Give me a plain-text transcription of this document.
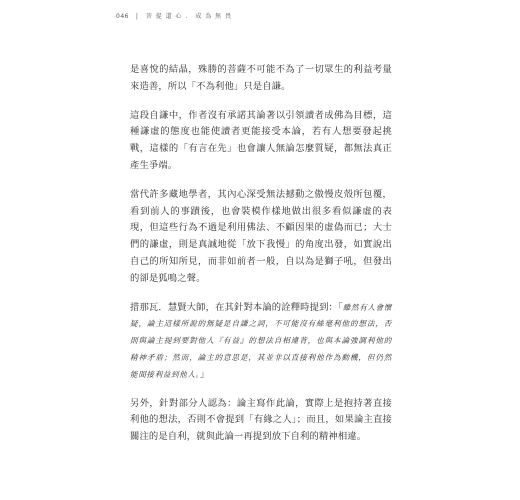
046 | 菩 提 道 心 ． 成 為 無 畏

是喜悅的結晶，殊勝的菩薩不可能不為了一切眾生的利益考量來造善，所以「不為利他」只是自謙。

這段自謙中，作者沒有承諾其論著以引領讀者成佛為目標，這種謙虛的態度也能使讀者更能接受本論，若有人想要發起挑戰，這樣的「有言在先」也會讓人無論怎麼質疑，都無法真正產生爭端。

當代許多藏地學者，其內心深受無法撼動之傲慢皮殼所包覆，看到前人的事蹟後，也會裝模作樣地做出很多看似謙虛的表現，但這些行為不過是利用佛法、不顧因果的虛偽而已；大士們的謙虛，則是真誠地從「放下我慢」的角度出發，如實說出自己的所知所見，而非如前者一般，自以為是獅子吼，但發出的卻是狐鳴之聲。

措那瓦．慧賢大師，在其針對本論的詮釋時提到：「雖然有人會懷疑，論主這樣所說的無疑是自謙之詞，不可能沒有絲毫利他的想法，否則與論主提到要對他人『有益』的想法自相違背，也與本論強調利他的精神矛盾；然而，論主的意思是，其並非以直接利他作為動機，但仍然能間接利益到他人。」

另外，針對部分人認為：論主寫作此論，實際上是抱持著直接利他的想法，否則不會提到「有緣之人」；而且，如果論主直接關注的是自利，就與此論一再提到放下自利的精神相違。
